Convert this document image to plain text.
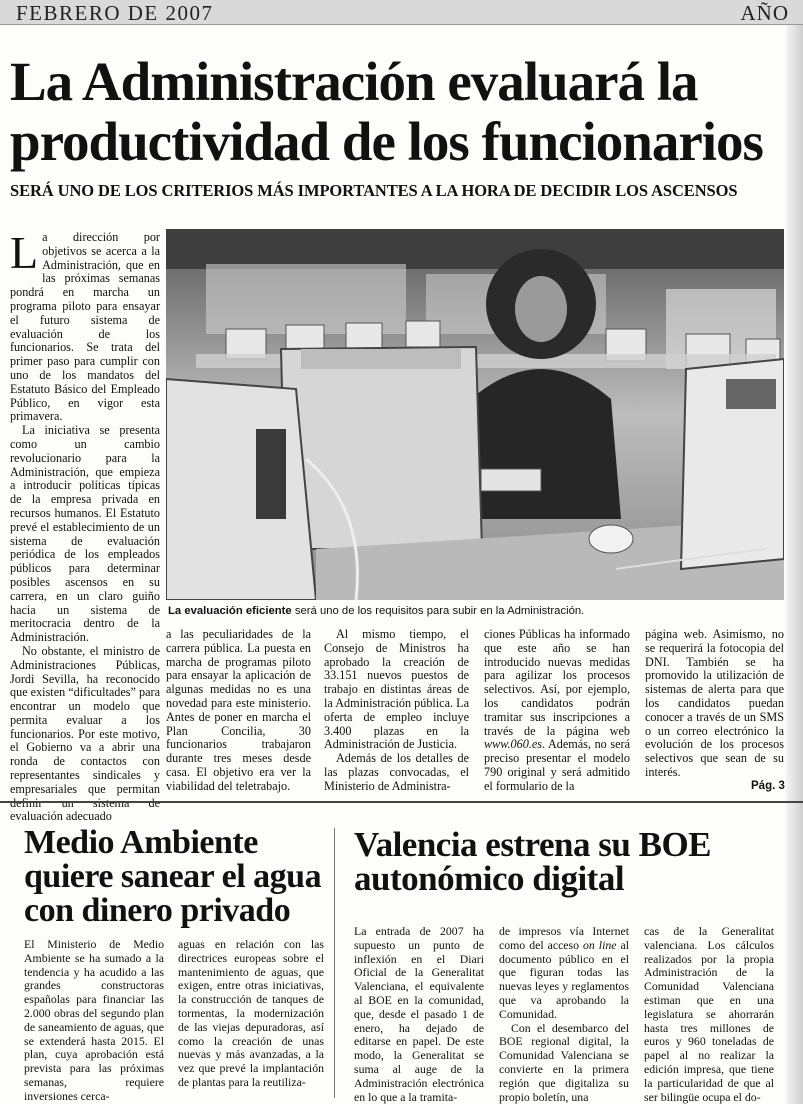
FEBRERO DE 2007	AÑO
La Administración evaluará la productividad de los funcionarios
SERÁ UNO DE LOS CRITERIOS MÁS IMPORTANTES A LA HORA DE DECIDIR LOS ASCENSOS

La dirección por objetivos se acerca a la Administración, que en las próximas semanas pondrá en marcha un programa piloto para ensayar el futuro sistema de evaluación de los funcionarios. Se trata del primer paso para cumplir con uno de los mandatos del Estatuto Básico del Empleado Público, en vigor esta primavera.

La iniciativa se presenta como un cambio revolucionario para la Administración, que empieza a introducir políticas típicas de la empresa privada en recursos humanos. El Estatuto prevé el establecimiento de un sistema de evaluación periódica de los empleados públicos para determinar posibles ascensos en su carrera, en un claro guiño hacia un sistema de meritocracia dentro de la Administración.

No obstante, el ministro de Administraciones Públicas, Jordi Sevilla, ha reconocido que existen “dificultades” para encontrar un modelo que permita evaluar a los funcionarios. Por este motivo, el Gobierno va a abrir una ronda de contactos con representantes sindicales y empresariales que permitan definir un sistema de evaluación adecuado

La evaluación eficiente será uno de los requisitos para subir en la Administración.

a las peculiaridades de la carrera pública. La puesta en marcha de programas piloto para ensayar la aplicación de algunas medidas no es una novedad para este ministerio. Antes de poner en marcha el Plan Concilia, 30 funcionarios trabajaron durante tres meses desde casa. El objetivo era ver la viabilidad del teletrabajo.

Al mismo tiempo, el Consejo de Ministros ha aprobado la creación de 33.151 nuevos puestos de trabajo en distintas áreas de la Administración pública. La oferta de empleo incluye 3.400 plazas en la Administración de Justicia.

Además de los detalles de las plazas convocadas, el Ministerio de Administra-

ciones Públicas ha informado que este año se han introducido nuevas medidas para agilizar los procesos selectivos. Así, por ejemplo, los candidatos podrán tramitar sus inscripciones a través de la página web www.060.es. Además, no será preciso presentar el modelo 790 original y será admitido el formulario de la

página web. Asimismo, no se requerirá la fotocopia del DNI. También se ha promovido la utilización de sistemas de alerta para que los candidatos puedan conocer a través de un SMS o un correo electrónico la evolución de los procesos selectivos que sean de su interés.

Pág. 3
Medio Ambiente quiere sanear el agua con dinero privado

El Ministerio de Medio Ambiente se ha sumado a la tendencia y ha acudido a las grandes constructoras españolas para financiar las 2.000 obras del segundo plan de saneamiento de aguas, que se extenderá hasta 2015. El plan, cuya aprobación está prevista para las próximas semanas, requiere inversiones cerca-

aguas en relación con las directrices europeas sobre el mantenimiento de aguas, que exigen, entre otras iniciativas, la construcción de tanques de tormentas, la modernización de las viejas depuradoras, así como la creación de unas nuevas y más avanzadas, a la vez que prevé la implantación de plantas para la reutiliza-

Valencia estrena su BOE autonómico digital

La entrada de 2007 ha supuesto un punto de inflexión en el Diari Oficial de la Generalitat Valenciana, el equivalente al BOE en la comunidad, que, desde el pasado 1 de enero, ha dejado de editarse en papel. De este modo, la Generalitat se suma al auge de la Administración electrónica en lo que a la tramita-

de impresos vía Internet como del acceso on line al documento público en el que figuran todas las nuevas leyes y reglamentos que va aprobando la Comunidad.

Con el desembarco del BOE regional digital, la Comunidad Valenciana se convierte en la primera región que digitaliza su propio boletín, una

cas de la Generalitat valenciana. Los cálculos realizados por la propia Administración de la Comunidad Valenciana estiman que en una legislatura se ahorrarán hasta tres millones de euros y 960 toneladas de papel al no realizar la edición impresa, que tiene la particularidad de que al ser bilingüe ocupa el do-
